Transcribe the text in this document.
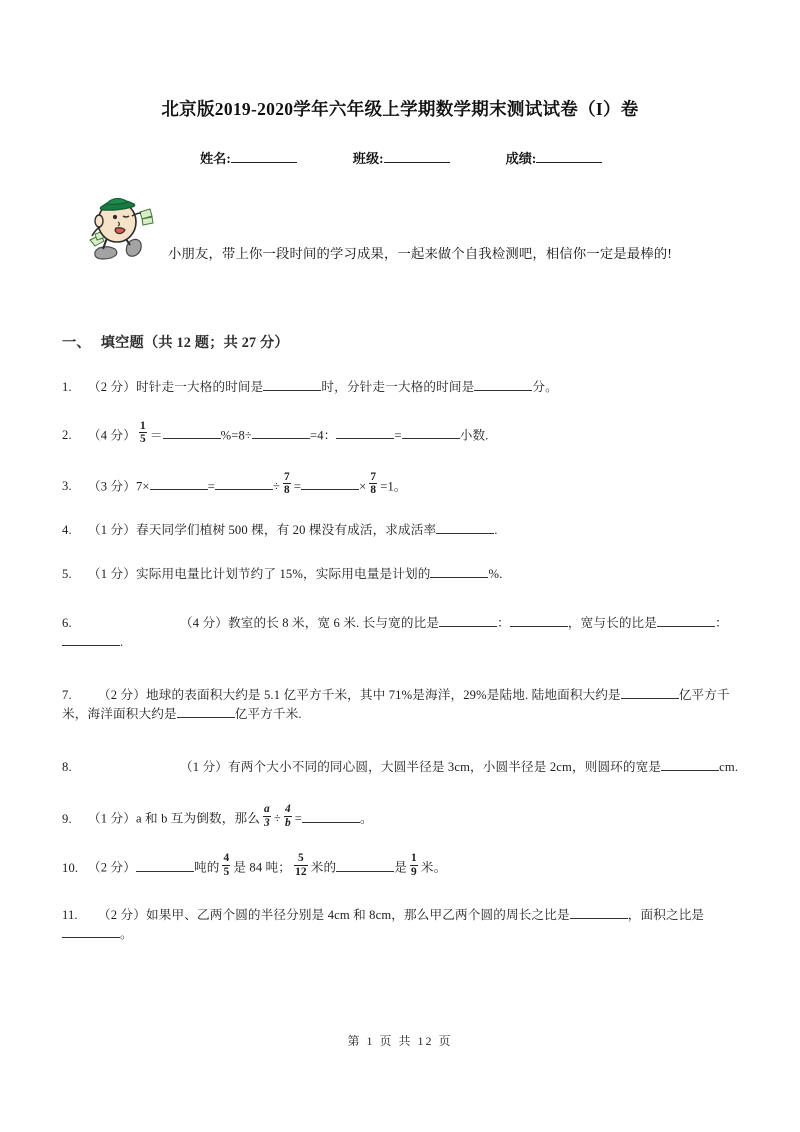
北京版2019-2020学年六年级上学期数学期末测试试卷（I）卷
姓名:	班级:	成绩:
小朋友，带上你一段时间的学习成果，一起来做个自我检测吧，相信你一定是最棒的!
一、 填空题（共 12 题；共 27 分）
1. （2 分）时针走一大格的时间是	时，分针走一大格的时间是	分。
2. （4 分） $\frac{1}{5}$ ＝	%=8÷	=4：	=	小数.
3. （3 分）7×	=	÷ $\frac{7}{8}$ =	× $\frac{7}{8} =1$。
4. （1 分）春天同学们植树 500 棵，有 20 棵没有成活，求成活率	.
5. （1 分）实际用电量比计划节约了 15%，实际用电量是计划的	%.
6.	（4 分）教室的长 8 米，宽 6 米. 长与宽的比是	：	，宽与长的比是	：.
7. （2 分）地球的表面积大约是 5.1 亿平方千米，其中 71%是海洋，29%是陆地. 陆地面积大约是	亿平方千米，海洋面积大约是	亿平方千米.
8.	（1 分）有两个大小不同的同心圆，大圆半径是 3cm，小圆半径是 2cm，则圆环的宽是	cm.
9. （1 分）a 和 b 互为倒数，那么 $\frac{a}{3} \div \frac{4}{b}$ =	。
10. （2 分）	吨的 $\frac{4}{5}$ 是 84 吨； $\frac{5}{12}$ 米的	是 $\frac{1}{9}$ 米。
11. （2 分）如果甲、乙两个圆的半径分别是 4cm 和 8cm，那么甲乙两个圆的周长之比是	，面积之比是。
第 1 页 共 12 页
